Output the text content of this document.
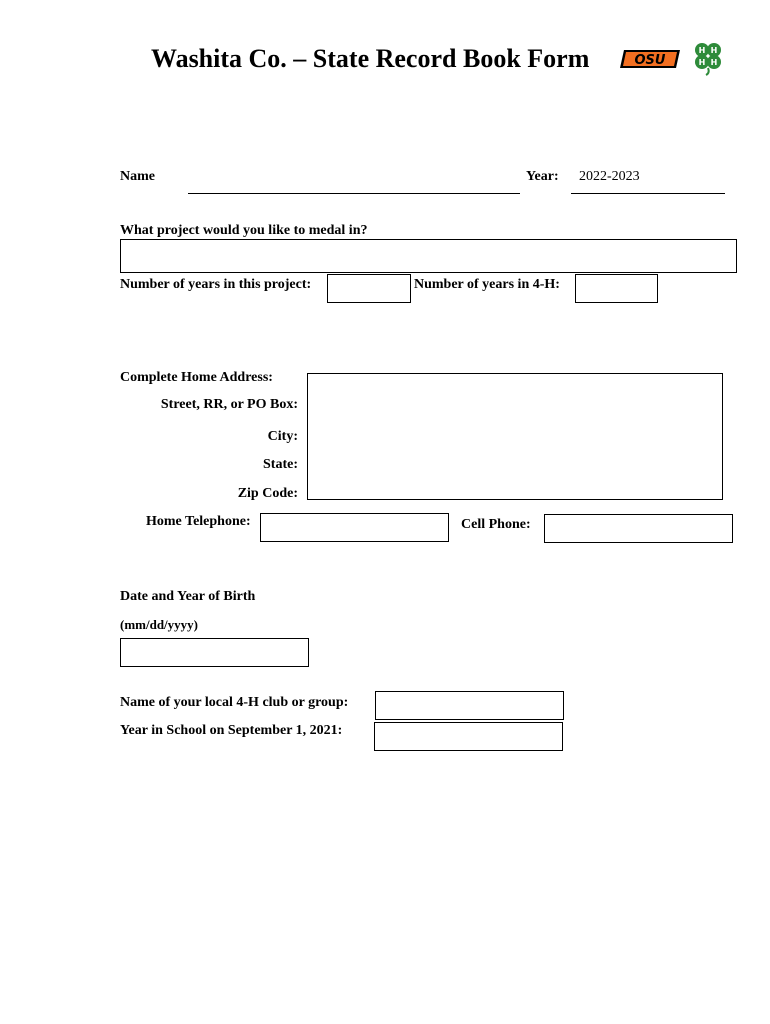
Washita Co. – State Record Book Form	OSU
H H
H H
Name	Year: 2022-2023
What project would you like to medal in?
Number of years in this project:	Number of years in 4-H:
Complete Home Address:
Street, RR, or PO Box:
City:
State:
Zip Code:
Home Telephone:	Cell Phone:
Date and Year of Birth
(mm/dd/yyyy)
Name of your local 4-H club or group:
Year in School on September 1, 2021:
